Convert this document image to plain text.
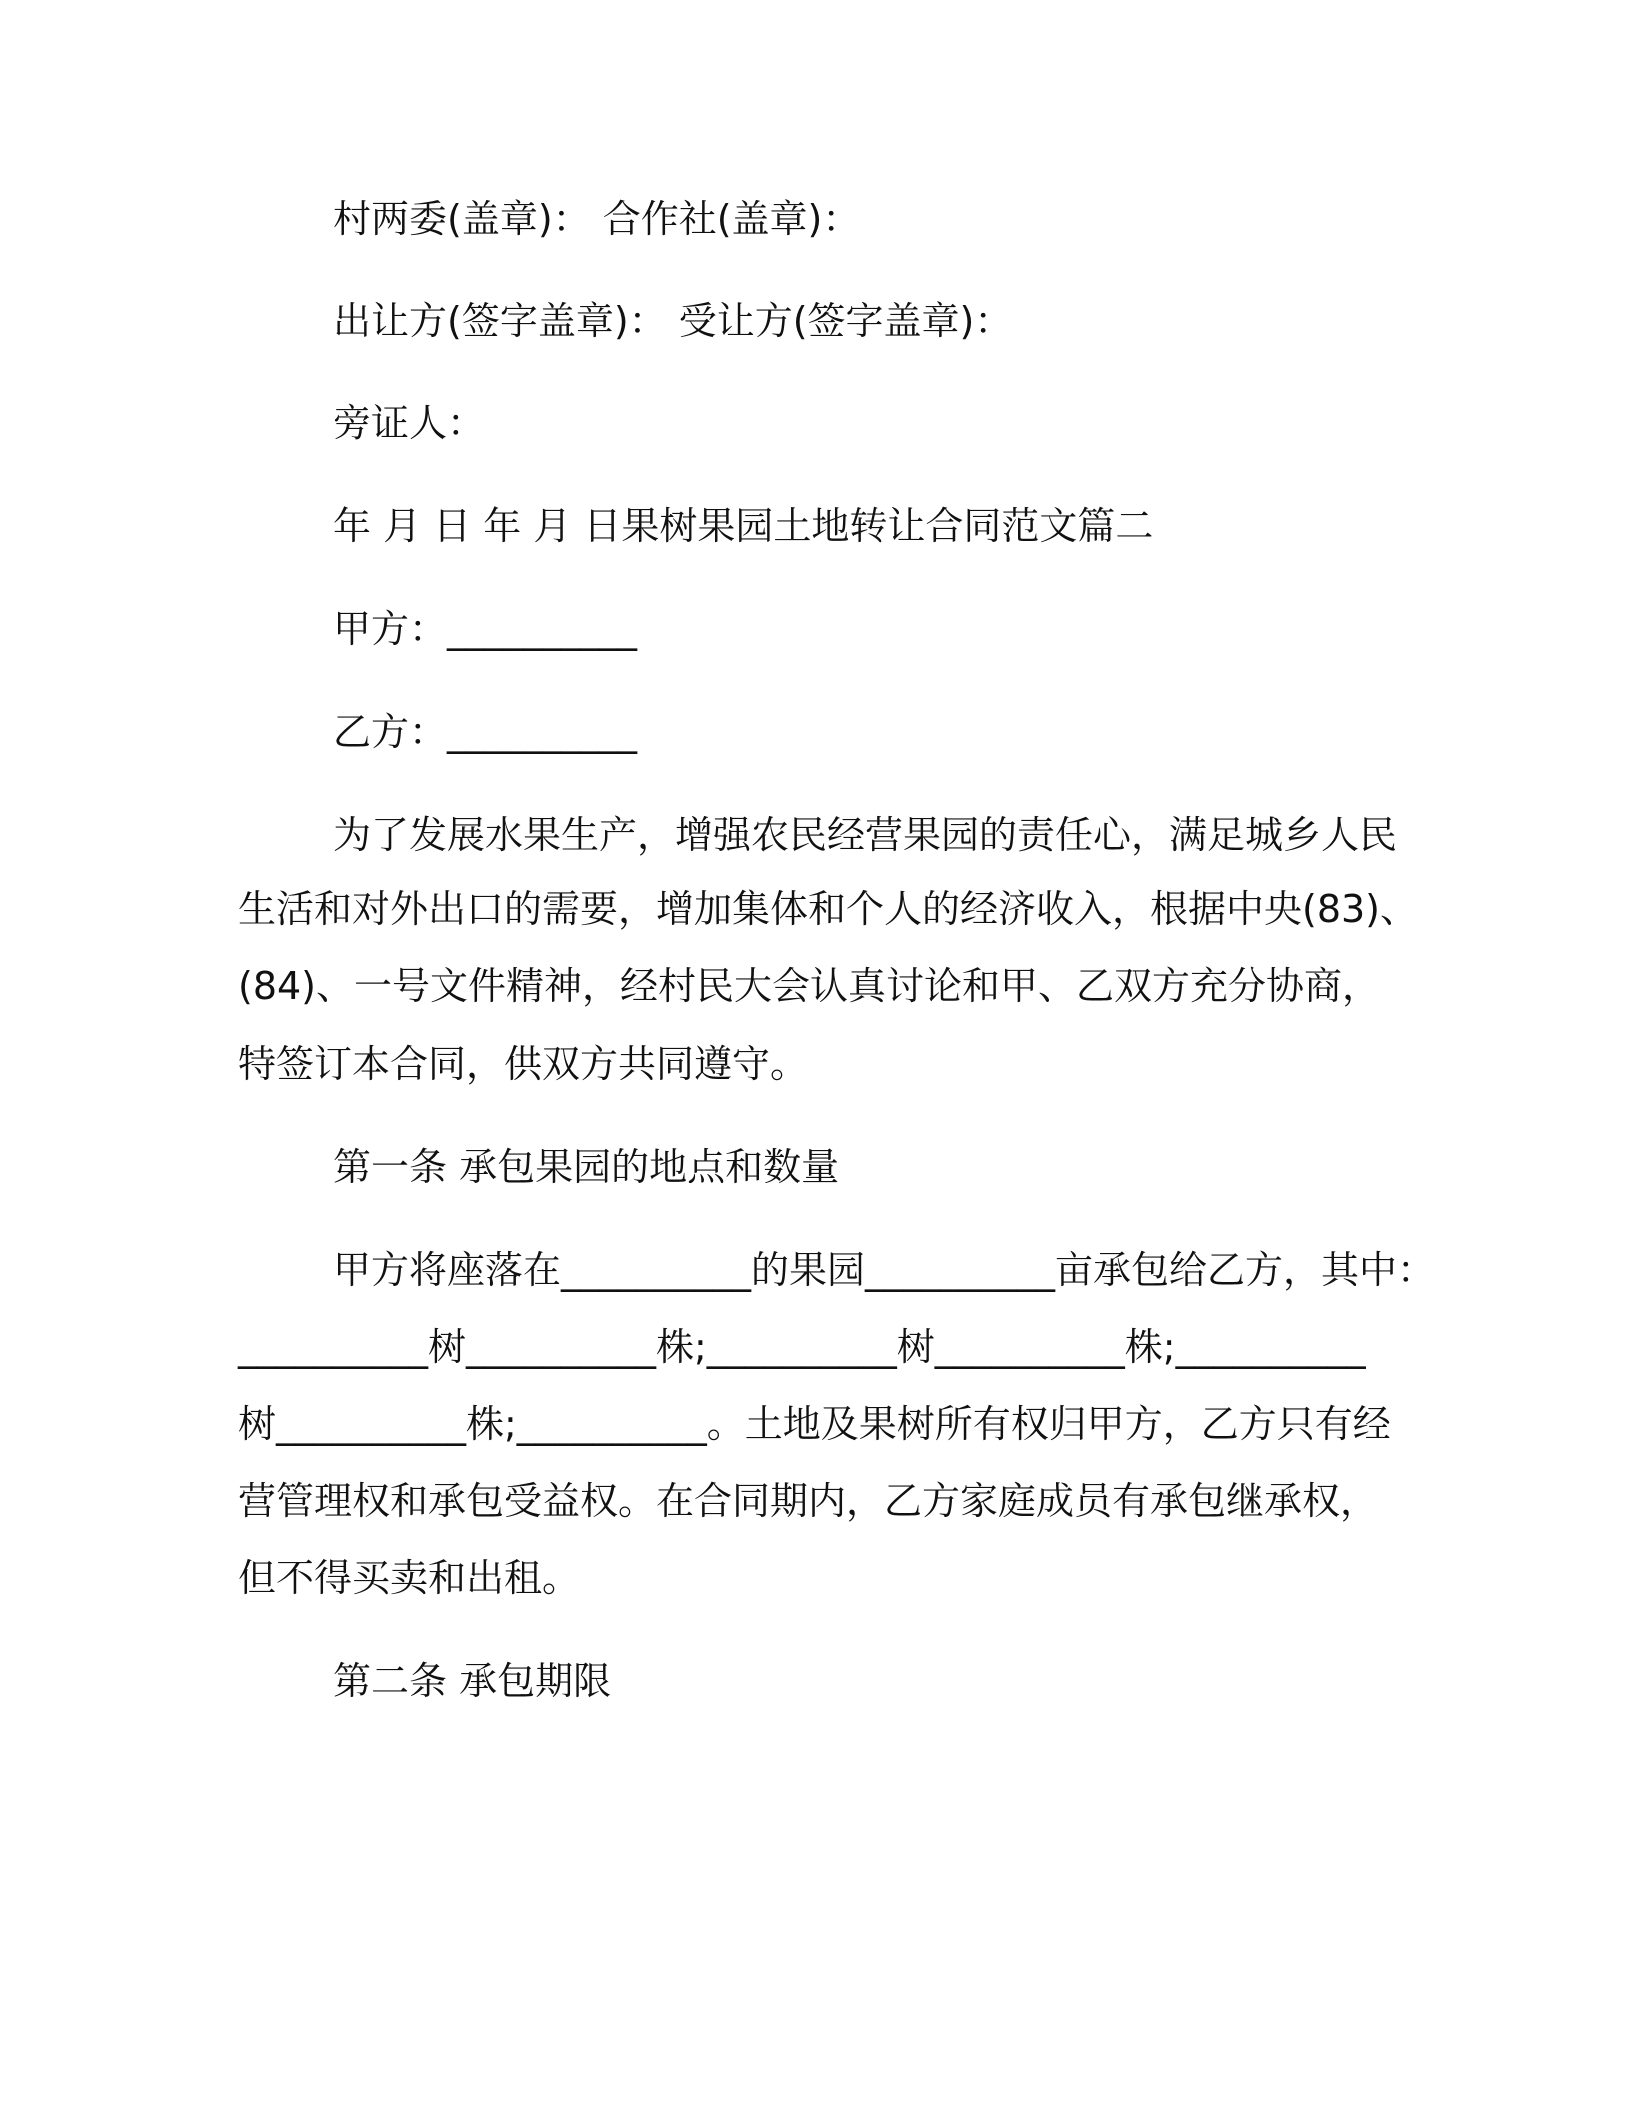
村两委(盖章)： 合作社(盖章)：
出让方(签字盖章)： 受让方(签字盖章)：
旁证人：
年 月 日 年 月 日果树果园土地转让合同范文篇二
甲方：__________
乙方：__________
为了发展水果生产，增强农民经营果园的责任心，满足城乡人民
生活和对外出口的需要，增加集体和个人的经济收入，根据中央(83)、
(84)、一号文件精神，经村民大会认真讨论和甲、乙双方充分协商，
特签订本合同，供双方共同遵守。
第一条 承包果园的地点和数量
甲方将座落在__________的果园__________亩承包给乙方，其中：
__________树__________株;__________树__________株;__________
树__________株;__________。土地及果树所有权归甲方，乙方只有经
营管理权和承包受益权。在合同期内，乙方家庭成员有承包继承权，
但不得买卖和出租。
第二条 承包期限
